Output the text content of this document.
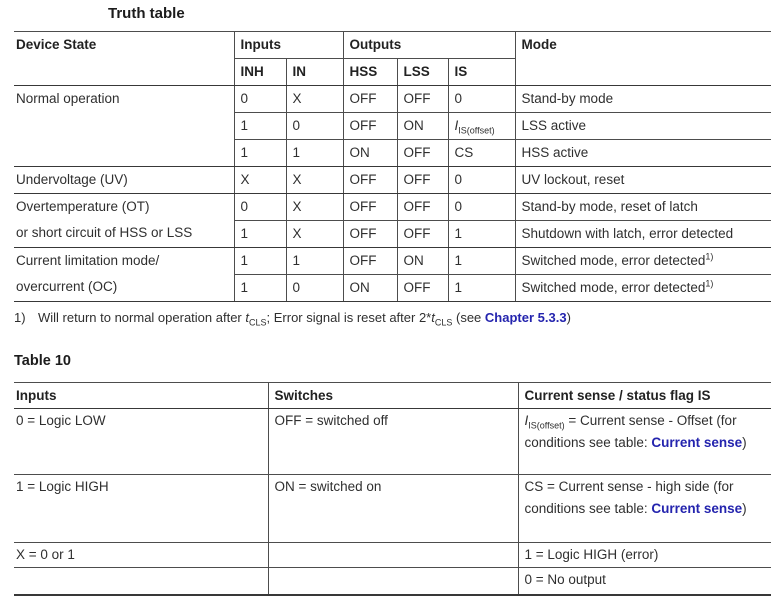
Truth table
Device State	Inputs		Outputs			Mode
	INH	IN	HSS	LSS	IS	
Normal operation	0	X	OFF	OFF	0	Stand-by mode
	1	0	OFF	ON	$I_{IS(offset)}$	LSS active
	1	1	ON	OFF	CS	HSS active
Undervoltage (UV)	X	X	OFF	OFF	0	UV lockout, reset

Overtemperature (OT)
or short circuit of HSS or LSS	0	X	OFF	OFF	0	Stand-by mode, reset of latch
	1	X	OFF	OFF	1	Shutdown with latch, error detected

Current limitation mode/
overcurrent (OC)	1	1	OFF	ON	1	Switched mode, error detected$^{1)}$
	1	0	ON	OFF	1	Switched mode, error detected$^{1)}$
1) Will return to normal operation after $t_{CLS}$; Error signal is reset after $2*t_{CLS}$ (see Chapter 5.3.3)
Table 10
Inputs	Switches	Current sense / status flag IS
0 = Logic LOW	OFF = switched off	$I_{IS(offset)}$ = Current sense - Offset (for conditions see table: Current sense)
1 = Logic HIGH	ON = switched on	CS = Current sense - high side (for conditions see table: Current sense)
X = 0 or 1		1 = Logic HIGH (error)
		0 = No output
